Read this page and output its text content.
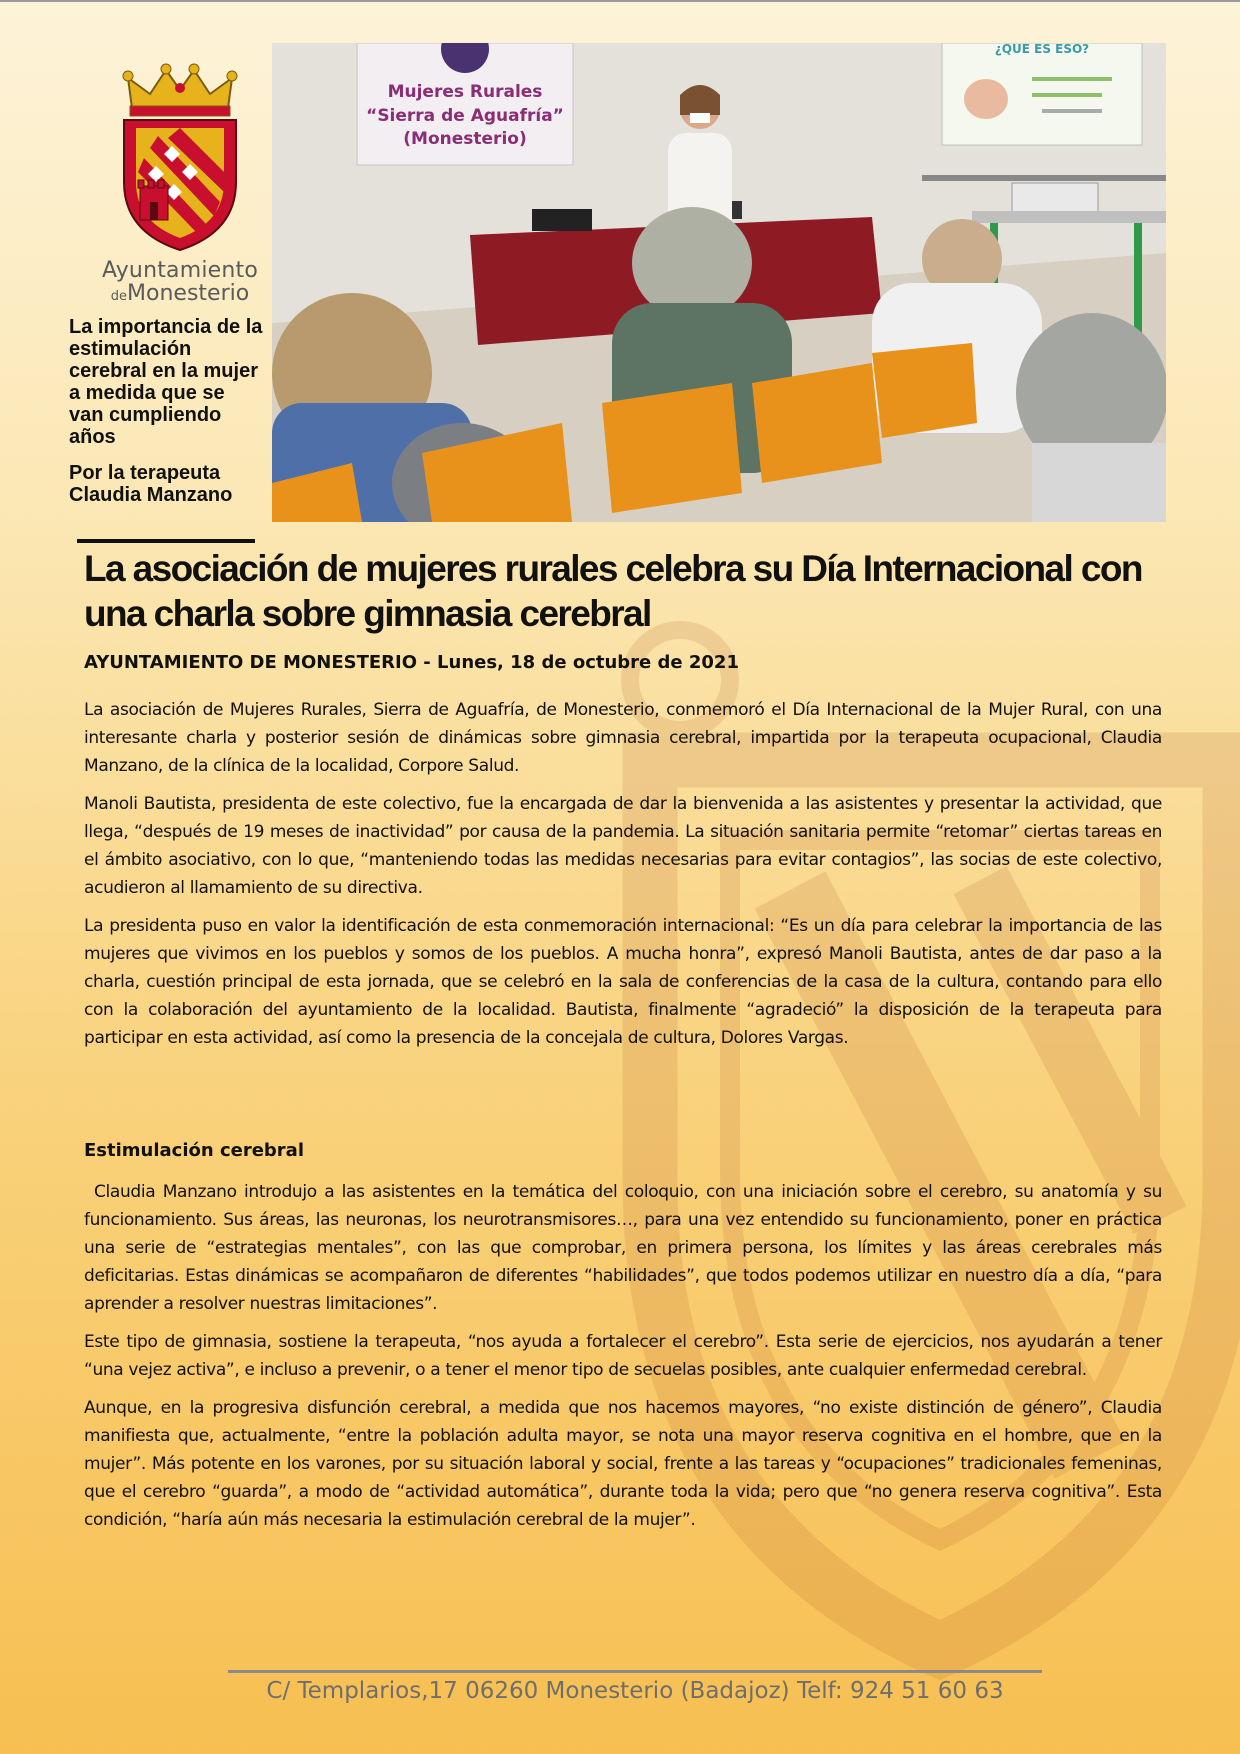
Ayuntamiento
deMonesterio

La importancia de la estimulación cerebral en la mujer a medida que se van cumpliendo años

Por la terapeuta Claudia Manzano

Mujeres Rurales
“Sierra de Aguafría”
(Monesterio)
¿QUE ES ESO?
La asociación de mujeres rurales celebra su Día Internacional con una charla sobre gimnasia cerebral
AYUNTAMIENTO DE MONESTERIO - Lunes, 18 de octubre de 2021

La asociación de Mujeres Rurales, Sierra de Aguafría, de Monesterio, conmemoró el Día Internacional de la Mujer Rural, con una interesante charla y posterior sesión de dinámicas sobre gimnasia cerebral, impartida por la terapeuta ocupacional, Claudia Manzano, de la clínica de la localidad, Corpore Salud.

Manoli Bautista, presidenta de este colectivo, fue la encargada de dar la bienvenida a las asistentes y presentar la actividad, que llega, “después de 19 meses de inactividad” por causa de la pandemia. La situación sanitaria permite “retomar” ciertas tareas en el ámbito asociativo, con lo que, “manteniendo todas las medidas necesarias para evitar contagios”, las socias de este colectivo, acudieron al llamamiento de su directiva.

La presidenta puso en valor la identificación de esta conmemoración internacional: “Es un día para celebrar la importancia de las mujeres que vivimos en los pueblos y somos de los pueblos. A mucha honra”, expresó Manoli Bautista, antes de dar paso a la charla, cuestión principal de esta jornada, que se celebró en la sala de conferencias de la casa de la cultura, contando para ello con la colaboración del ayuntamiento de la localidad. Bautista, finalmente “agradeció” la disposición de la terapeuta para participar en esta actividad, así como la presencia de la concejala de cultura, Dolores Vargas.

Estimulación cerebral

Claudia Manzano introdujo a las asistentes en la temática del coloquio, con una iniciación sobre el cerebro, su anatomía y su funcionamiento. Sus áreas, las neuronas, los neurotransmisores…, para una vez entendido su funcionamiento, poner en práctica una serie de “estrategias mentales”, con las que comprobar, en primera persona, los límites y las áreas cerebrales más deficitarias. Estas dinámicas se acompañaron de diferentes “habilidades”, que todos podemos utilizar en nuestro día a día, “para aprender a resolver nuestras limitaciones”.

Este tipo de gimnasia, sostiene la terapeuta, “nos ayuda a fortalecer el cerebro”. Esta serie de ejercicios, nos ayudarán a tener “una vejez activa”, e incluso a prevenir, o a tener el menor tipo de secuelas posibles, ante cualquier enfermedad cerebral.

Aunque, en la progresiva disfunción cerebral, a medida que nos hacemos mayores, “no existe distinción de género”, Claudia manifiesta que, actualmente, “entre la población adulta mayor, se nota una mayor reserva cognitiva en el hombre, que en la mujer”. Más potente en los varones, por su situación laboral y social, frente a las tareas y “ocupaciones” tradicionales femeninas, que el cerebro “guarda”, a modo de “actividad automática”, durante toda la vida; pero que “no genera reserva cognitiva”. Esta condición, “haría aún más necesaria la estimulación cerebral de la mujer”.

C/ Templarios,17 06260 Monesterio (Badajoz) Telf: 924 51 60 63
